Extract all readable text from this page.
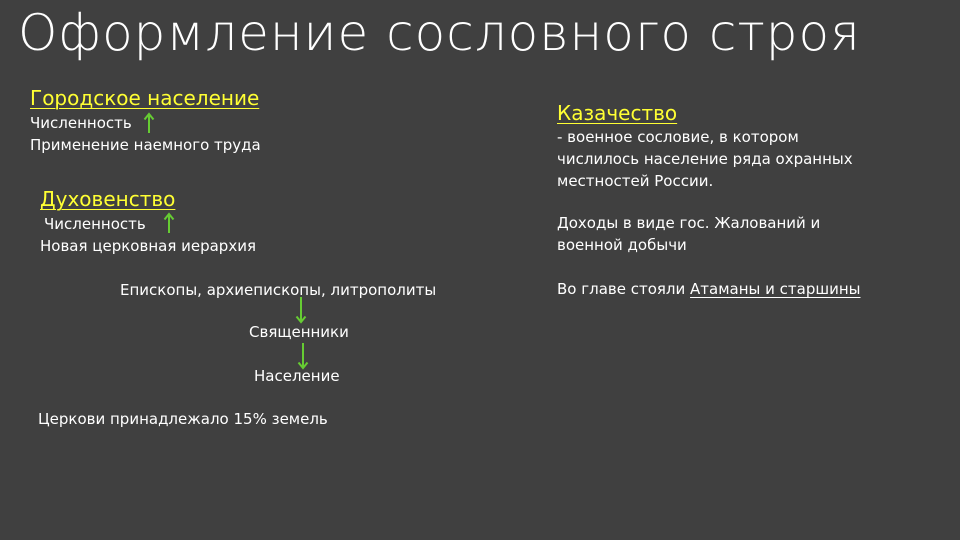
Оформление сословного строя
Городское население
Численность
Применение наемного труда
Духовенство
Численность
Новая церковная иерархия
Епископы, архиепископы, литрополиты
Священники
Население
Церкови принадлежало 15% земель
Казачество
- военное сословие, в котором
числилось население ряда охранных
местностей России.
Доходы в виде гос. Жалований и
военной добычи
Во главе стояли Атаманы и старшины
